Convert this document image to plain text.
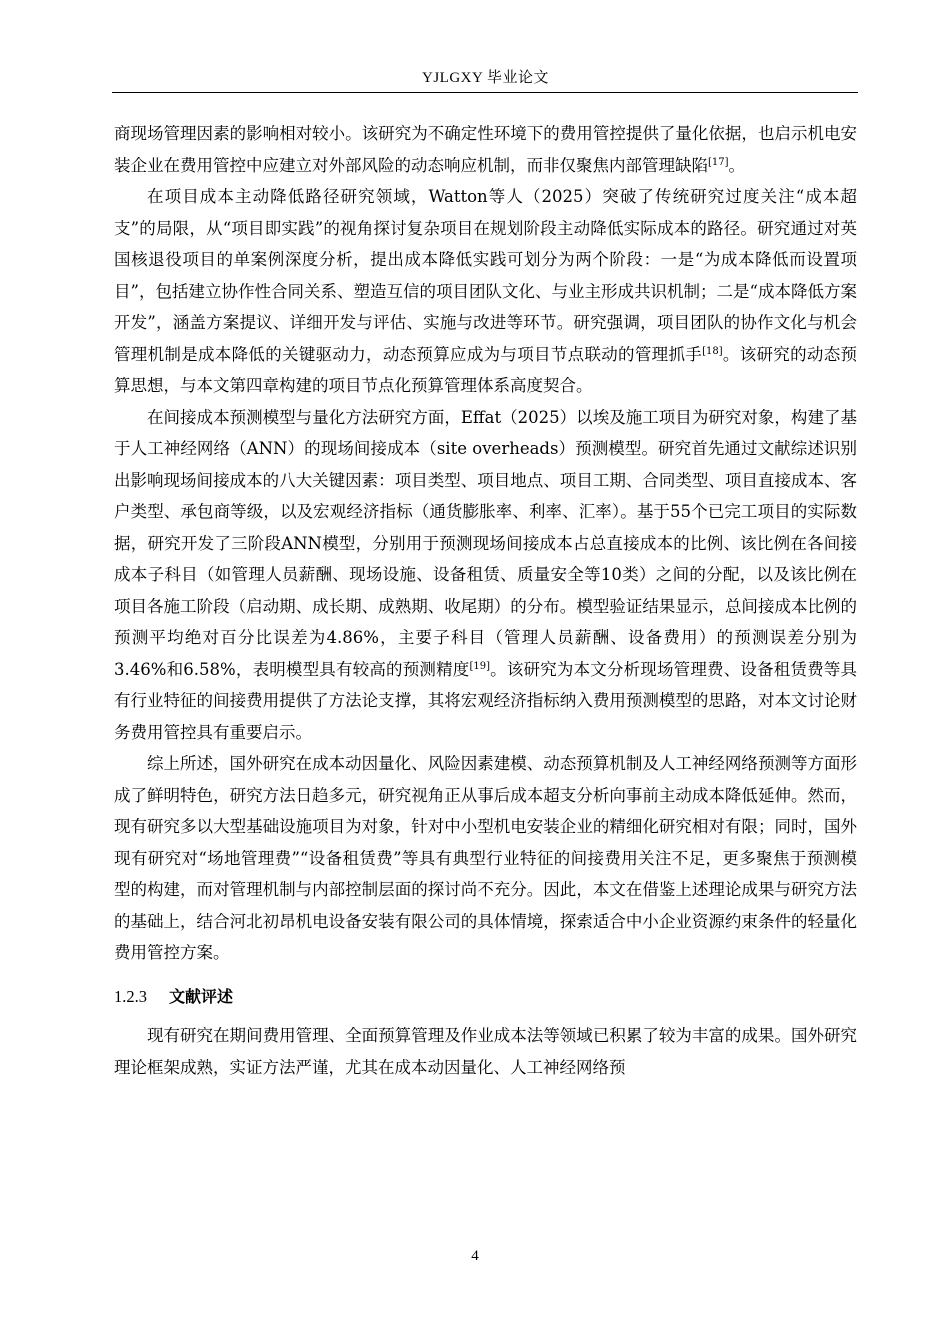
YJLGXY 毕业论文

商现场管理因素的影响相对较小。该研究为不确定性环境下的费用管控提供了量化依据，也启示机电安装企业在费用管控中应建立对外部风险的动态响应机制，而非仅聚焦内部管理缺陷[17]。

在项目成本主动降低路径研究领域，Watton等人（2025）突破了传统研究过度关注“成本超支”的局限，从“项目即实践”的视角探讨复杂项目在规划阶段主动降低实际成本的路径。研究通过对英国核退役项目的单案例深度分析，提出成本降低实践可划分为两个阶段：一是“为成本降低而设置项目”，包括建立协作性合同关系、塑造互信的项目团队文化、与业主形成共识机制；二是“成本降低方案开发”，涵盖方案提议、详细开发与评估、实施与改进等环节。研究强调，项目团队的协作文化与机会管理机制是成本降低的关键驱动力，动态预算应成为与项目节点联动的管理抓手[18]。该研究的动态预算思想，与本文第四章构建的项目节点化预算管理体系高度契合。

在间接成本预测模型与量化方法研究方面，Effat（2025）以埃及施工项目为研究对象，构建了基于人工神经网络（ANN）的现场间接成本（site overheads）预测模型。研究首先通过文献综述识别出影响现场间接成本的八大关键因素：项目类型、项目地点、项目工期、合同类型、项目直接成本、客户类型、承包商等级，以及宏观经济指标（通货膨胀率、利率、汇率）。基于55个已完工项目的实际数据，研究开发了三阶段ANN模型，分别用于预测现场间接成本占总直接成本的比例、该比例在各间接成本子科目（如管理人员薪酬、现场设施、设备租赁、质量安全等10类）之间的分配，以及该比例在项目各施工阶段（启动期、成长期、成熟期、收尾期）的分布。模型验证结果显示，总间接成本比例的预测平均绝对百分比误差为4.86%，主要子科目（管理人员薪酬、设备费用）的预测误差分别为3.46%和6.58%，表明模型具有较高的预测精度[19]。该研究为本文分析现场管理费、设备租赁费等具有行业特征的间接费用提供了方法论支撑，其将宏观经济指标纳入费用预测模型的思路，对本文讨论财务费用管控具有重要启示。

综上所述，国外研究在成本动因量化、风险因素建模、动态预算机制及人工神经网络预测等方面形成了鲜明特色，研究方法日趋多元，研究视角正从事后成本超支分析向事前主动成本降低延伸。然而，现有研究多以大型基础设施项目为对象，针对中小型机电安装企业的精细化研究相对有限；同时，国外现有研究对“场地管理费”“设备租赁费”等具有典型行业特征的间接费用关注不足，更多聚焦于预测模型的构建，而对管理机制与内部控制层面的探讨尚不充分。因此，本文在借鉴上述理论成果与研究方法的基础上，结合河北初昂机电设备安装有限公司的具体情境，探索适合中小企业资源约束条件的轻量化费用管控方案。

1.2.3 文献评述

现有研究在期间费用管理、全面预算管理及作业成本法等领域已积累了较为丰富的成果。国外研究理论框架成熟，实证方法严谨，尤其在成本动因量化、人工神经网络预

4
